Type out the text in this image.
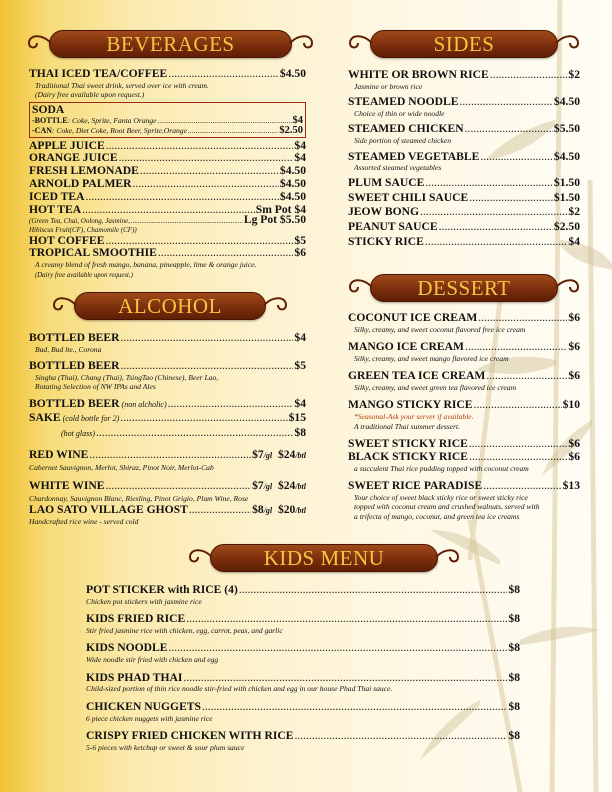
BEVERAGES
THAI ICED TEA/COFFEE .....	$4.50
Traditional Thai sweet drink, served over ice with cream.
(Dairy free available upon request.)
SODA
-BOTTLE : Coke, Sprite, Fanta Orange .....	$4
-CAN : Coke, Diet Coke, Root Beer, Sprite,Orange .....	$2.50
APPLE JUICE .....	$4
ORANGE JUICE .....	$4
FRESH LEMONADE .....	$4.50
ARNOLD PALMER .....	$4.50
ICED TEA .....	$4.50
HOT TEA .....	Sm Pot $4
(Green Tea, Chai, Oolong, Jasmine, .....	Lg Pot $5.50
Hibiscus Fruit(CF), Chamomile (CF))
HOT COFFEE .....	$5
TROPICAL SMOOTHIE .....	$6
A creamy blend of fresh mango, banana, pineapple, lime & orange juice. (Dairy free available upon request.)
ALCOHOL
BOTTLED BEER .....	$4
Bud, Bud lte., Corona
BOTTLED BEER .....	$5
Singha (Thai), Chang (Thai), TsingTao (Chinese), Beer Lao,
Rotating Selection of NW IPAs and Ales
BOTTLED BEER (non alcholic) .....	$4
SAKE (cold bottle for 2) .....	$15
(hot glass) .....	$8
RED WINE .....	$7/gl $24/btl
Cabernet Sauvignon, Merlot, Shiraz, Pinot Noir, Merlot-Cab
WHITE WINE .....	$7/gl $24/btl
Chardonnay, Sauvignon Blanc, Riesling, Pinot Grigio, Plum Wine, Rose
LAO SATO VILLAGE GHOST .....	$8/gl $20/btl
Handcrafted rice wine - served cold
SIDES
WHITE OR BROWN RICE .....	$2
Jasmine or brown rice
STEAMED NOODLE .....	$4.50
Choice of thin or wide noodle
STEAMED CHICKEN .....	$5.50
Side portion of steamed chicken
STEAMED VEGETABLE .....	$4.50
Assorted steamed vegetables
PLUM SAUCE .....	$1.50
SWEET CHILI SAUCE .....	$1.50
JEOW BONG .....	$2
PEANUT SAUCE .....	$2.50
STICKY RICE .....	$4
DESSERT
COCONUT ICE CREAM .....	$6
Silky, creamy, and sweet coconut flavored free ice cream
MANGO ICE CREAM .....	$6
Silky, creamy, and sweet mango flavored ice cream
GREEN TEA ICE CREAM .....	$6
Silky, creamy, and sweet green tea flavored ice cream
MANGO STICKY RICE .....	$10
*Seasonal-Ask your server if available.
A traditional Thai summer dessert.
SWEET STICKY RICE .....	$6
BLACK STICKY RICE .....	$6
a succulent Thai rice pudding topped with coconut cream
SWEET RICE PARADISE .....	$13
Your choice of sweet black sticky rice or sweet sticky rice
topped with coconut cream and crushed walnuts, served with
a trifecta of mango, coconut, and green tea ice creams
KIDS MENU
POT STICKER with RICE (4) .....	$8
Chicken pot stickers with jasmine rice
KIDS FRIED RICE .....	$8
Stir fried jasmine rice with chicken, egg, carrot, peas, and garlic
KIDS NOODLE .....	$8
Wide noodle stir fried with chicken and egg
KIDS PHAD THAI .....	$8
Child-sized portion of thin rice noodle stir-fried with chicken and egg in our house Phad Thai sauce.
CHICKEN NUGGETS .....	$8
6 piece chicken nuggets with jasmine rice
CRISPY FRIED CHICKEN WITH RICE .....	$8
5-6 pieces with ketchup or sweet & sour plum sauce
